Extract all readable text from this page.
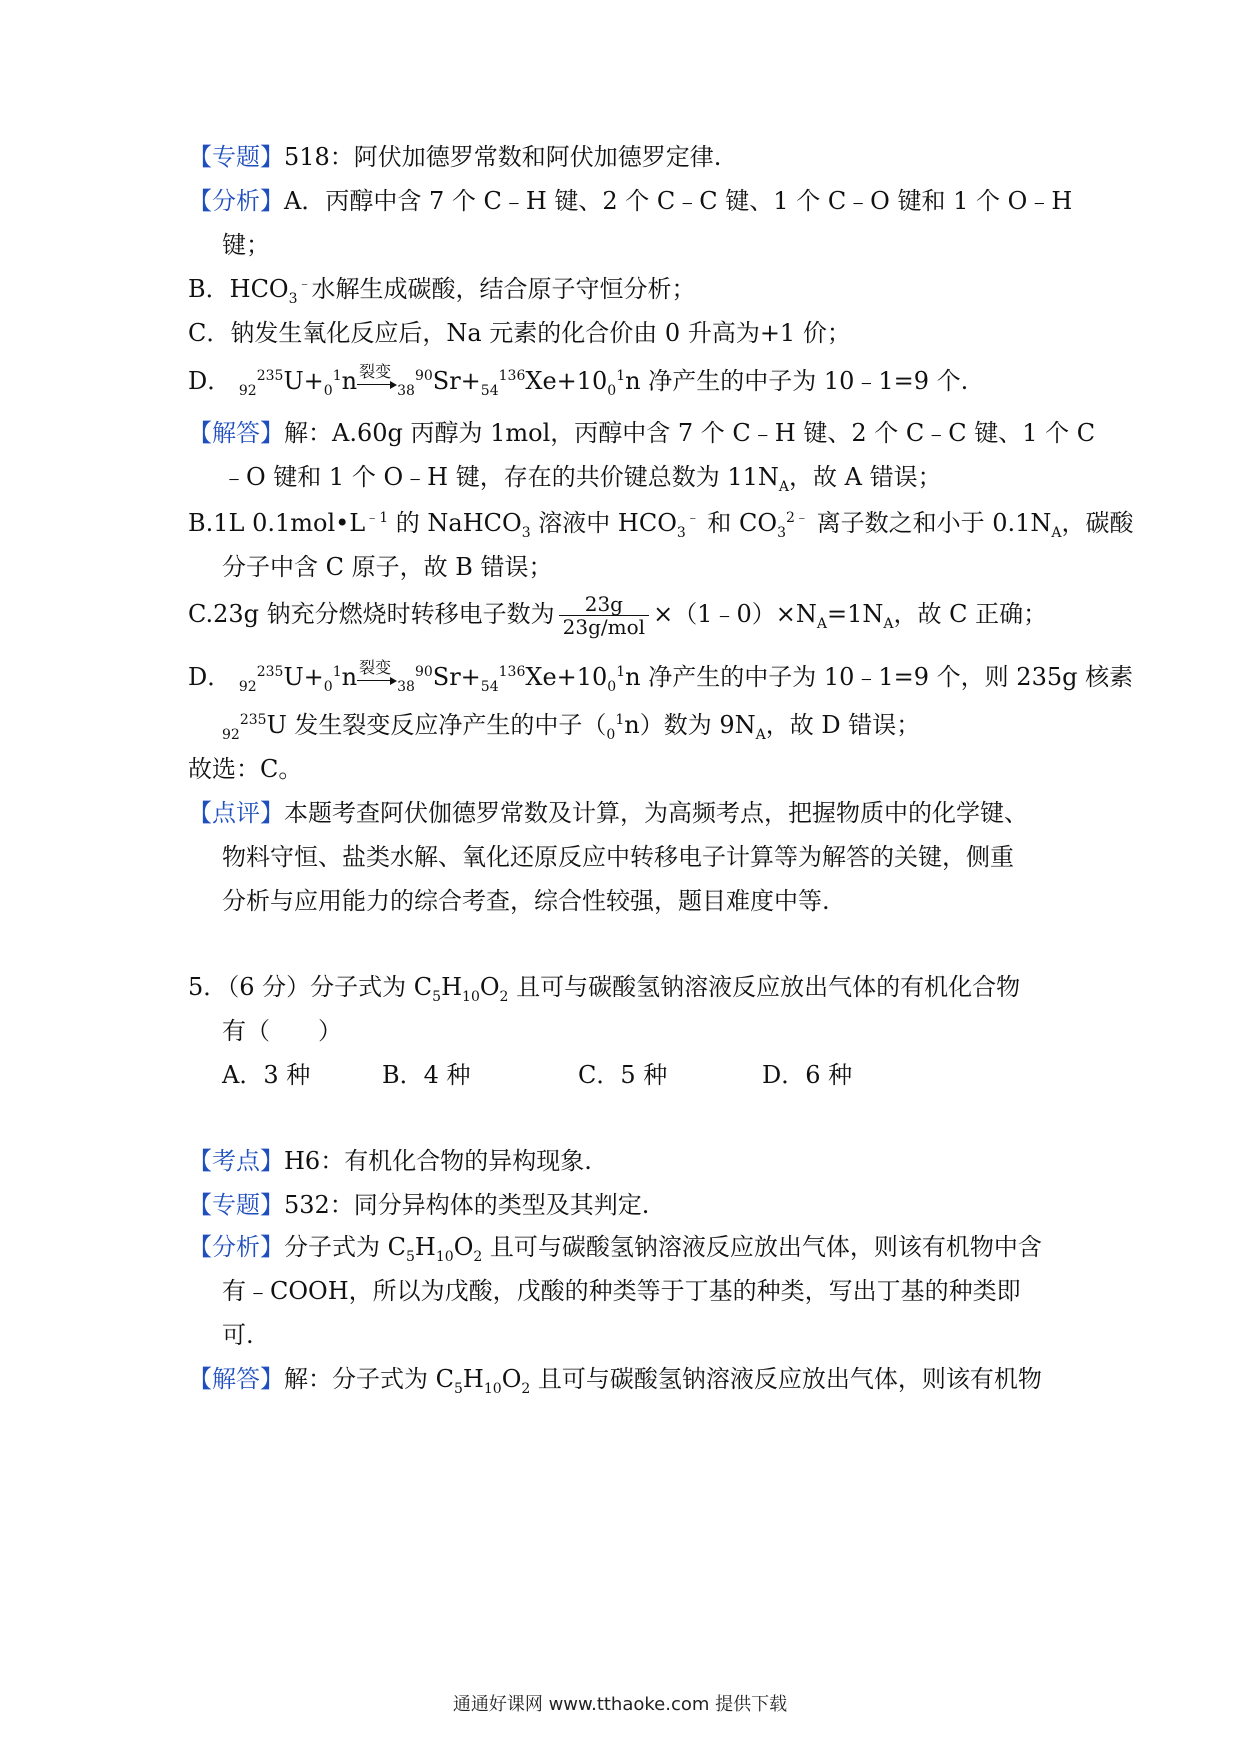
【专题】518：阿伏加德罗常数和阿伏加德罗定律.
【分析】A．丙醇中含 7 个 C﹣H 键、2 个 C﹣C 键、1 个 C﹣O 键和 1 个 O﹣H
键；
B．$HCO_3^﹣$水解生成碳酸，结合原子守恒分析；
C．钠发生氧化反应后，Na 元素的化合价由 0 升高为+1 价；
D． $_{92}^{235}U+_0^1n$ 裂变
$_{38}^{90}Sr+_{54}^{136}Xe+10_0^1n$ 净产生的中子为 10﹣1=9 个.
【解答】解：A.60g 丙醇为 1mol，丙醇中含 7 个 C﹣H 键、2 个 C﹣C 键、1 个 C
﹣O 键和 1 个 O﹣H 键，存在的共价键总数为 $11N_A$，故 A 错误；
B.1L $0.1mol•L^{﹣1}$ 的 NaHCO$_3$ 溶液中 $HCO_3^﹣$ 和 $CO_3^{2﹣}$ 离子数之和小于 $0.1N_A$，碳酸
分子中含 C 原子，故 B 错误；
C.23g 钠充分燃烧时转移电子数为 $\frac{23g}{\text{23g/mol}}$ $\times(1﹣0)\times N_A=1N_A$，故 C 正确；
D． $_{92}^{235}U+_0^1n$ 裂变
$_{38}^{90}Sr+_{54}^{136}Xe+10_0^1n$ 净产生的中子为 10﹣1=9 个，则 235g 核素
$_{92}^{235}$U 发生裂变反应净产生的中子$(_0^1n)$数为 $9N_A$，故 D 错误；
故选：C。
【点评】本题考查阿伏伽德罗常数及计算，为高频考点，把握物质中的化学键、
物料守恒、盐类水解、氧化还原反应中转移电子计算等为解答的关键，侧重
分析与应用能力的综合考查，综合性较强，题目难度中等.
5．（6 分）分子式为 $C_5H_{10}O_2$ 且可与碳酸氢钠溶液反应放出气体的有机化合物
有（　　）
A．3 种	B．4 种	C．5 种	D．6 种
【考点】H6：有机化合物的异构现象.
【专题】532：同分异构体的类型及其判定.
【分析】分子式为 $C_5H_{10}O_2$ 且可与碳酸氢钠溶液反应放出气体，则该有机物中含
有﹣COOH，所以为戊酸，戊酸的种类等于丁基的种类，写出丁基的种类即
可.
【解答】解：分子式为 $C_5H_{10}O_2$ 且可与碳酸氢钠溶液反应放出气体，则该有机物
通通好课网 www.tthaoke.com 提供下载
